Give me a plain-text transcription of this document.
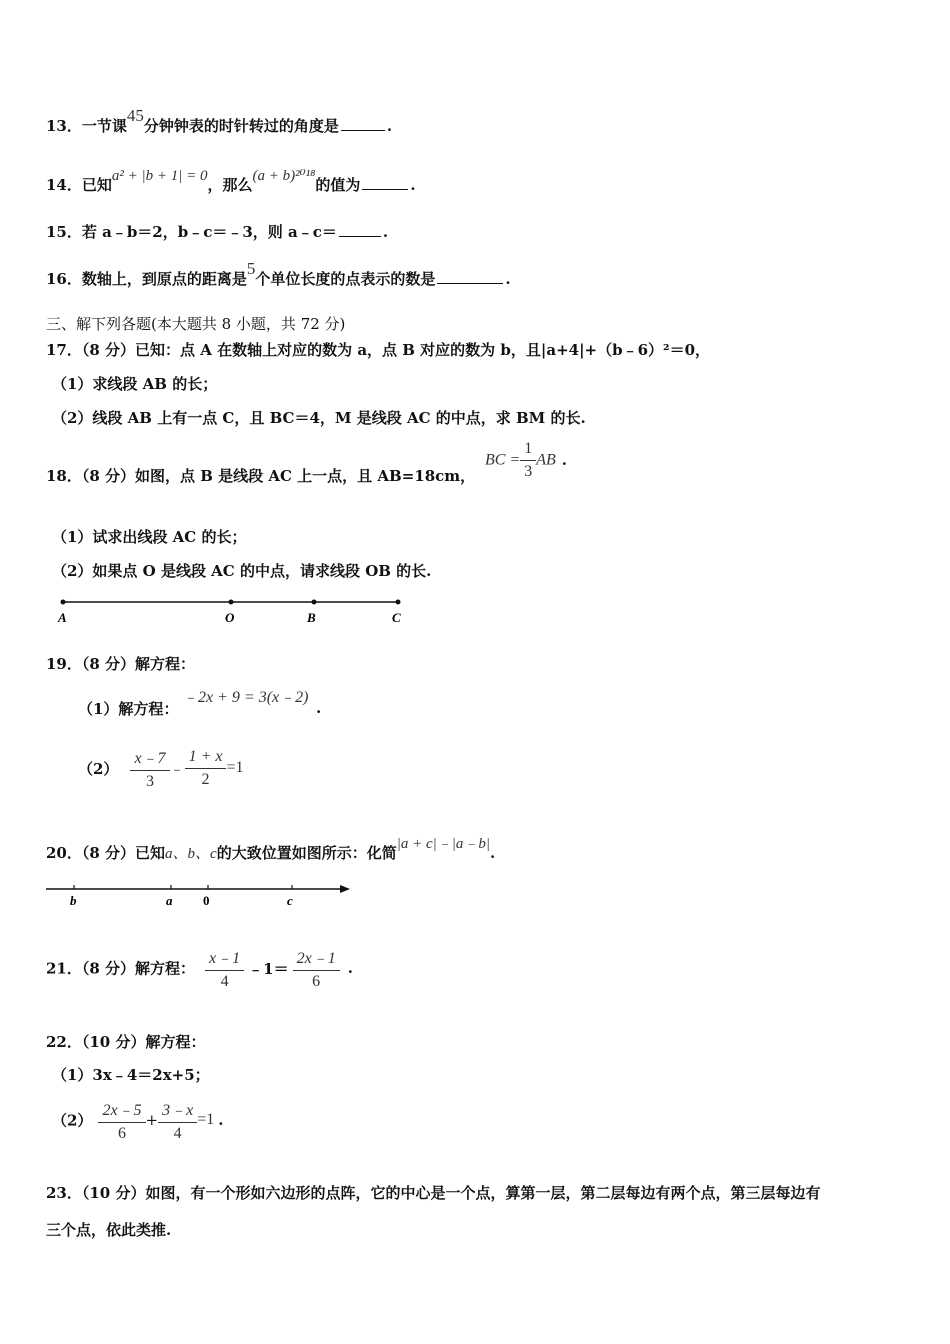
13．一节课45分钟钟表的时针转过的角度是	.
14．已知a² + |b + 1| = 0，那么(a + b)²⁰¹⁸的值为	.
15．若 a﹣b＝2，b﹣c＝﹣3，则 a﹣c＝	.
16．数轴上，到原点的距离是5个单位长度的点表示的数是	.
三、解下列各题(本大题共 8 小题，共 72 分)
17．（8 分）已知：点 A 在数轴上对应的数为 a，点 B 对应的数为 b，且|a+4|+（b﹣6）²＝0，
（1）求线段 AB 的长；
（2）线段 AB 上有一点 C，且 BC＝4，M 是线段 AC 的中点，求 BM 的长.
18．（8 分）如图，点 B 是线段 AC 上一点，且 AB=18cm，
BC = $\frac{1}{3}$ AB .
（1）试求出线段 AC 的长；
（2）如果点 O 是线段 AC 的中点，请求线段 OB 的长.
A	O	B	C
19．（8 分）解方程：
（1）解方程：
﹣2x + 9 = 3(x﹣2)
.
$(2) \frac{x﹣7}{3}$ ﹣ $\frac{1 + x}{2} =1$
20．（8 分）已知a、b、c的大致位置如图所示：化简|a + c|﹣|a﹣b|.
b	a 0	c
21．（8 分）解方程： $\frac{x﹣1}{4}$ ﹣1＝ $\frac{2x﹣1}{6}$ .
22．（10 分）解方程：
（1）3x﹣4＝2x+5；
$(2) \frac{2x﹣5}{6} + \frac{3﹣x}{4} =1$ .
23．（10 分）如图，有一个形如六边形的点阵，它的中心是一个点，算第一层，第二层每边有两个点，第三层每边有
三个点，依此类推.
